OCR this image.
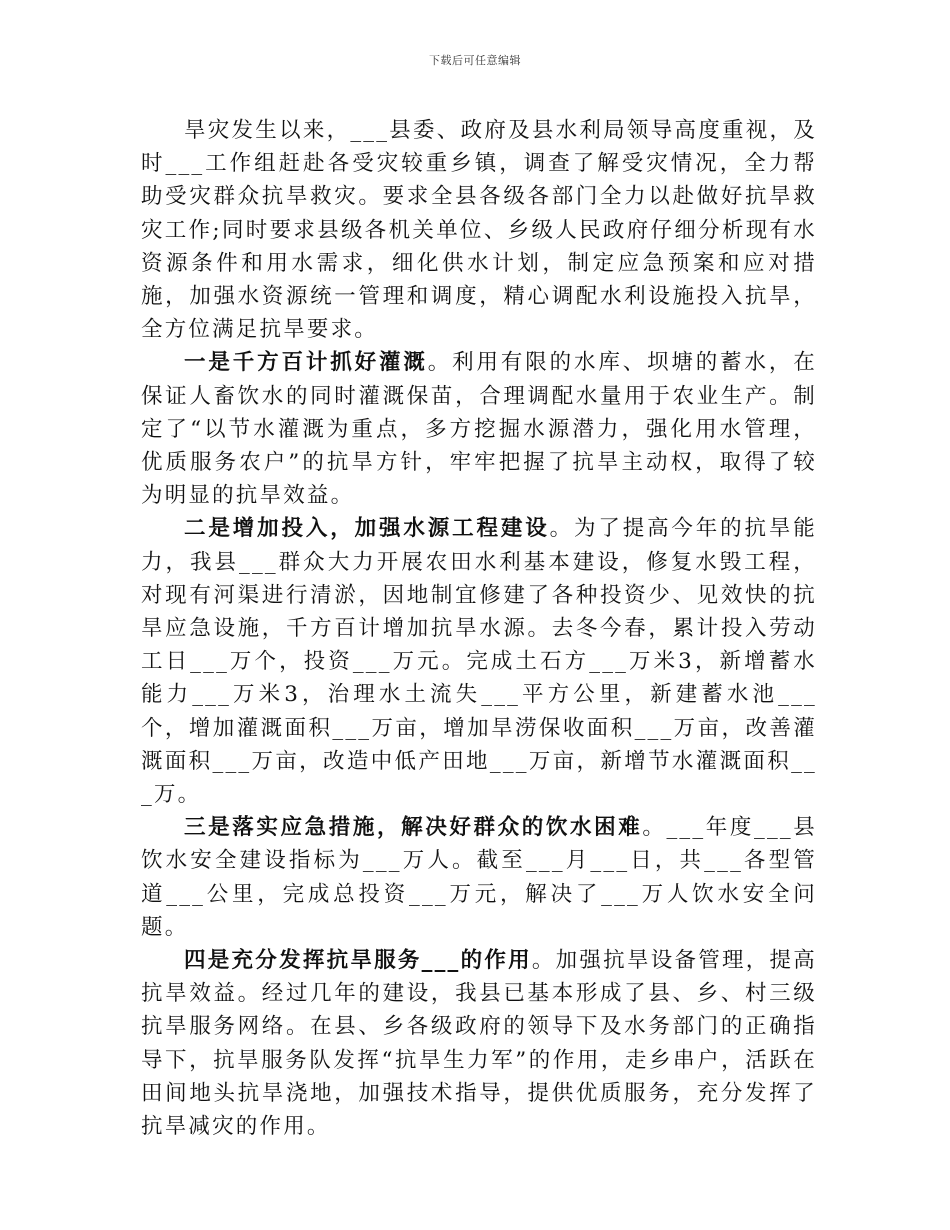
下载后可任意编辑

旱灾发生以来，___县委、政府及县水利局领导高度重视，及时___工作组赶赴各受灾较重乡镇，调查了解受灾情况，全力帮助受灾群众抗旱救灾。要求全县各级各部门全力以赴做好抗旱救灾工作;同时要求县级各机关单位、乡级人民政府仔细分析现有水资源条件和用水需求，细化供水计划，制定应急预案和应对措施，加强水资源统一管理和调度，精心调配水利设施投入抗旱，全方位满足抗旱要求。

一是千方百计抓好灌溉。利用有限的水库、坝塘的蓄水，在保证人畜饮水的同时灌溉保苗，合理调配水量用于农业生产。制定了“以节水灌溉为重点，多方挖掘水源潜力，强化用水管理，优质服务农户”的抗旱方针，牢牢把握了抗旱主动权，取得了较为明显的抗旱效益。

二是增加投入，加强水源工程建设。为了提高今年的抗旱能力，我县___群众大力开展农田水利基本建设，修复水毁工程，对现有河渠进行清淤，因地制宜修建了各种投资少、见效快的抗旱应急设施，千方百计增加抗旱水源。去冬今春，累计投入劳动工日___万个，投资___万元。完成土石方___万米3，新增蓄水能力___万米3，治理水土流失___平方公里，新建蓄水池___个，增加灌溉面积___万亩，增加旱涝保收面积___万亩，改善灌溉面积___万亩，改造中低产田地___万亩，新增节水灌溉面积___万。

三是落实应急措施，解决好群众的饮水困难。___年度___县饮水安全建设指标为___万人。截至___月___日，共___各型管道___公里，完成总投资___万元，解决了___万人饮水安全问题。

四是充分发挥抗旱服务___的作用。加强抗旱设备管理，提高抗旱效益。经过几年的建设，我县已基本形成了县、乡、村三级抗旱服务网络。在县、乡各级政府的领导下及水务部门的正确指导下，抗旱服务队发挥“抗旱生力军”的作用，走乡串户，活跃在田间地头抗旱浇地，加强技术指导，提供优质服务，充分发挥了抗旱减灾的作用。
